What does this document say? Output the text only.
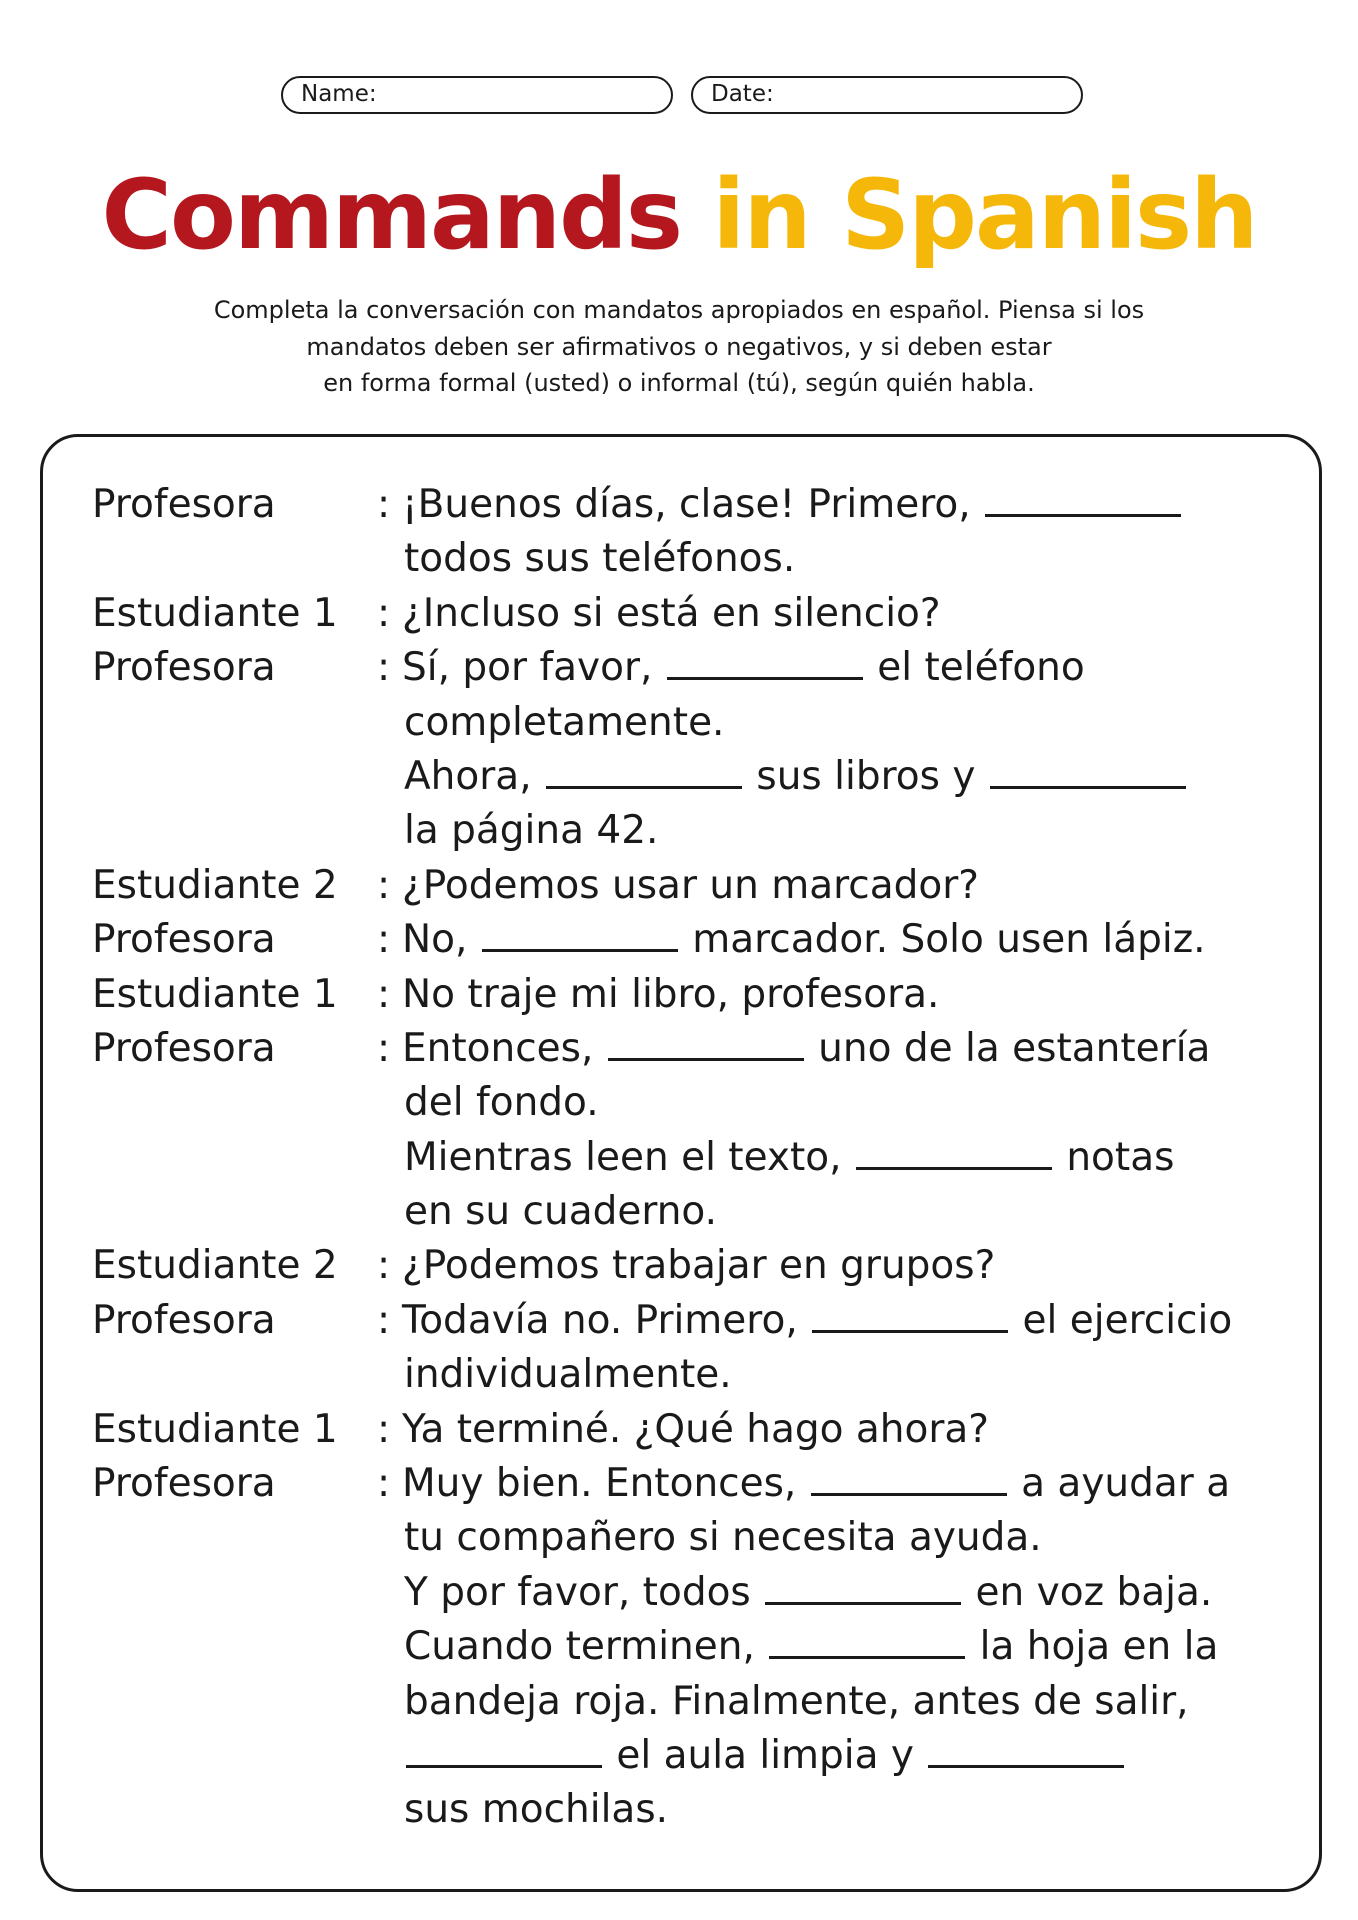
Name:	Date:
Commands in Spanish
Completa la conversación con mandatos apropiados en español. Piensa si los
mandatos deben ser afirmativos o negativos, y si deben estar
en forma formal (usted) o informal (tú), según quién habla.
Profesora	: ¡Buenos días, clase! Primero,
todos sus teléfonos.
Estudiante 1 : ¿Incluso si está en silencio?
Profesora	: Sí, por favor,	el teléfono
completamente.
Ahora,	sus libros y
la página 42.
Estudiante 2 : ¿Podemos usar un marcador?
Profesora	: No,	marcador. Solo usen lápiz.
Estudiante 1 : No traje mi libro, profesora.
Profesora	: Entonces,	uno de la estantería
del fondo.
Mientras leen el texto,	notas
en su cuaderno.
Estudiante 2 : ¿Podemos trabajar en grupos?
Profesora	: Todavía no. Primero,	el ejercicio
individualmente.
Estudiante 1 : Ya terminé. ¿Qué hago ahora?
Profesora	: Muy bien. Entonces,	a ayudar a
tu compañero si necesita ayuda.
Y por favor, todos	en voz baja.
Cuando terminen,	la hoja en la
bandeja roja. Finalmente, antes de salir,
el aula limpia y
sus mochilas.
